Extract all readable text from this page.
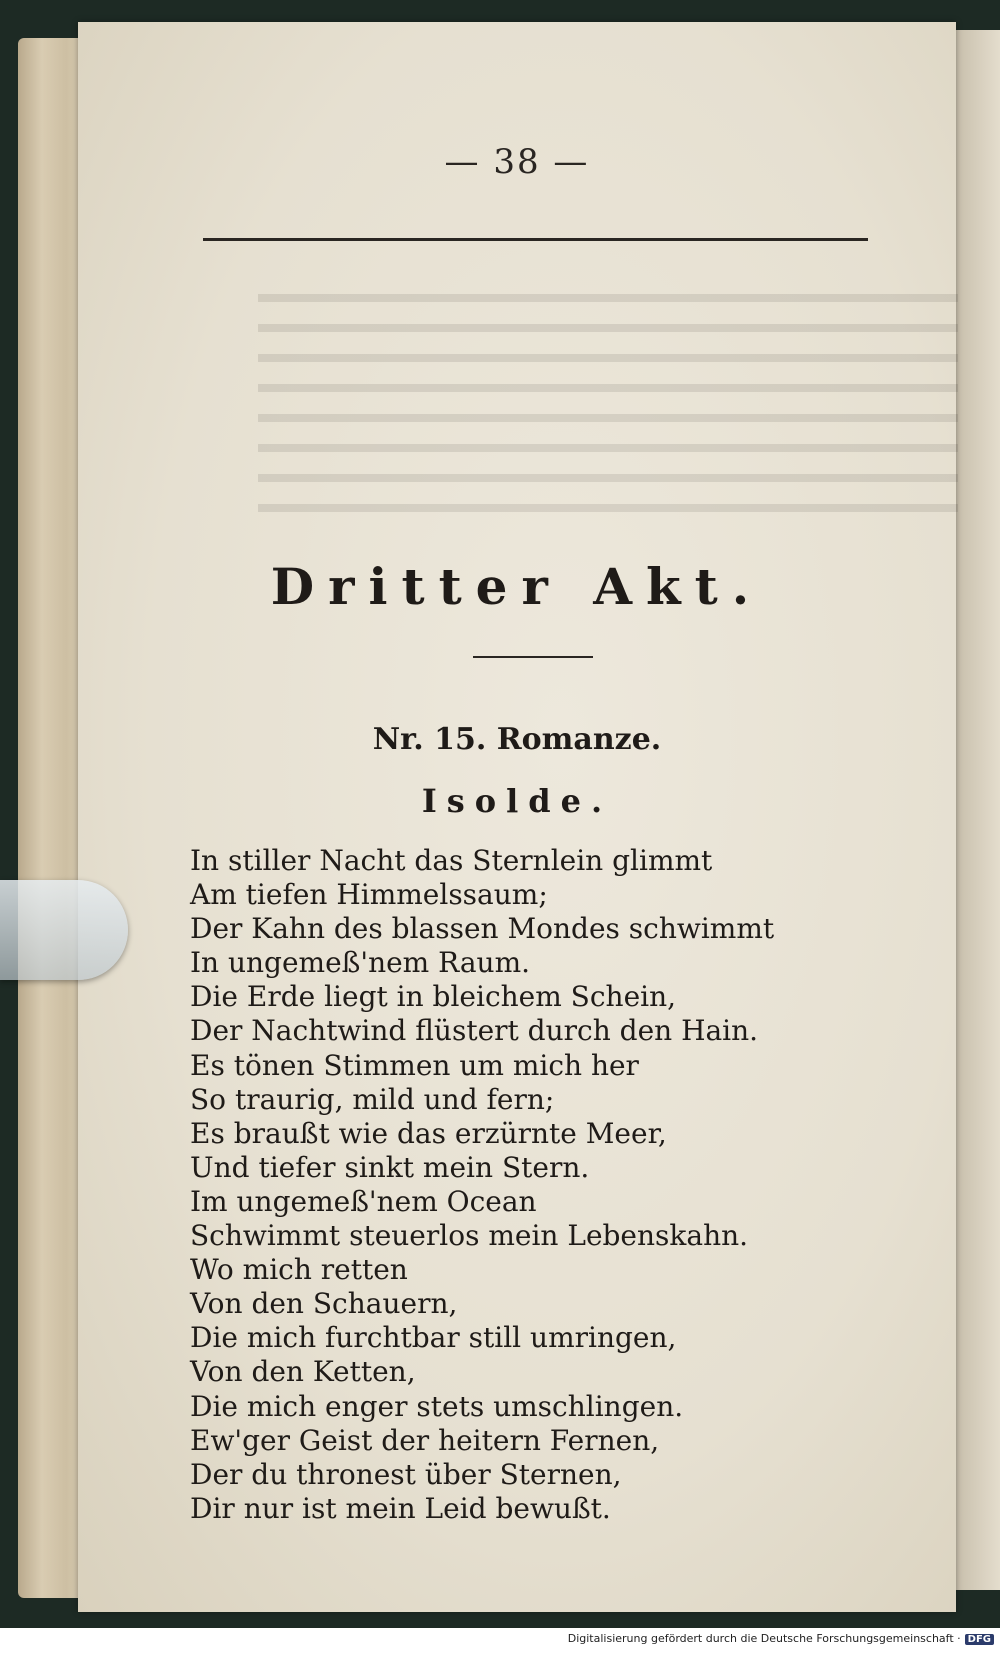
— 38 —
Dritter Akt.
Nr. 15. Romanze.
Isolde.
In stiller Nacht das Sternlein glimmt
Am tiefen Himmelssaum;
Der Kahn des blassen Mondes schwimmt
In ungemeß'nem Raum.
Die Erde liegt in bleichem Schein,
Der Nachtwind flüstert durch den Hain.
Es tönen Stimmen um mich her
So traurig, mild und fern;
Es braußt wie das erzürnte Meer,
Und tiefer sinkt mein Stern.
Im ungemeß'nem Ocean
Schwimmt steuerlos mein Lebenskahn.
Wo mich retten
Von den Schauern,
Die mich furchtbar still umringen,
Von den Ketten,
Die mich enger stets umschlingen.
Ew'ger Geist der heitern Fernen,
Der du thronest über Sternen,
Dir nur ist mein Leid bewußt.
Digitalisierung gefördert durch die Deutsche Forschungsgemeinschaft · DFG
